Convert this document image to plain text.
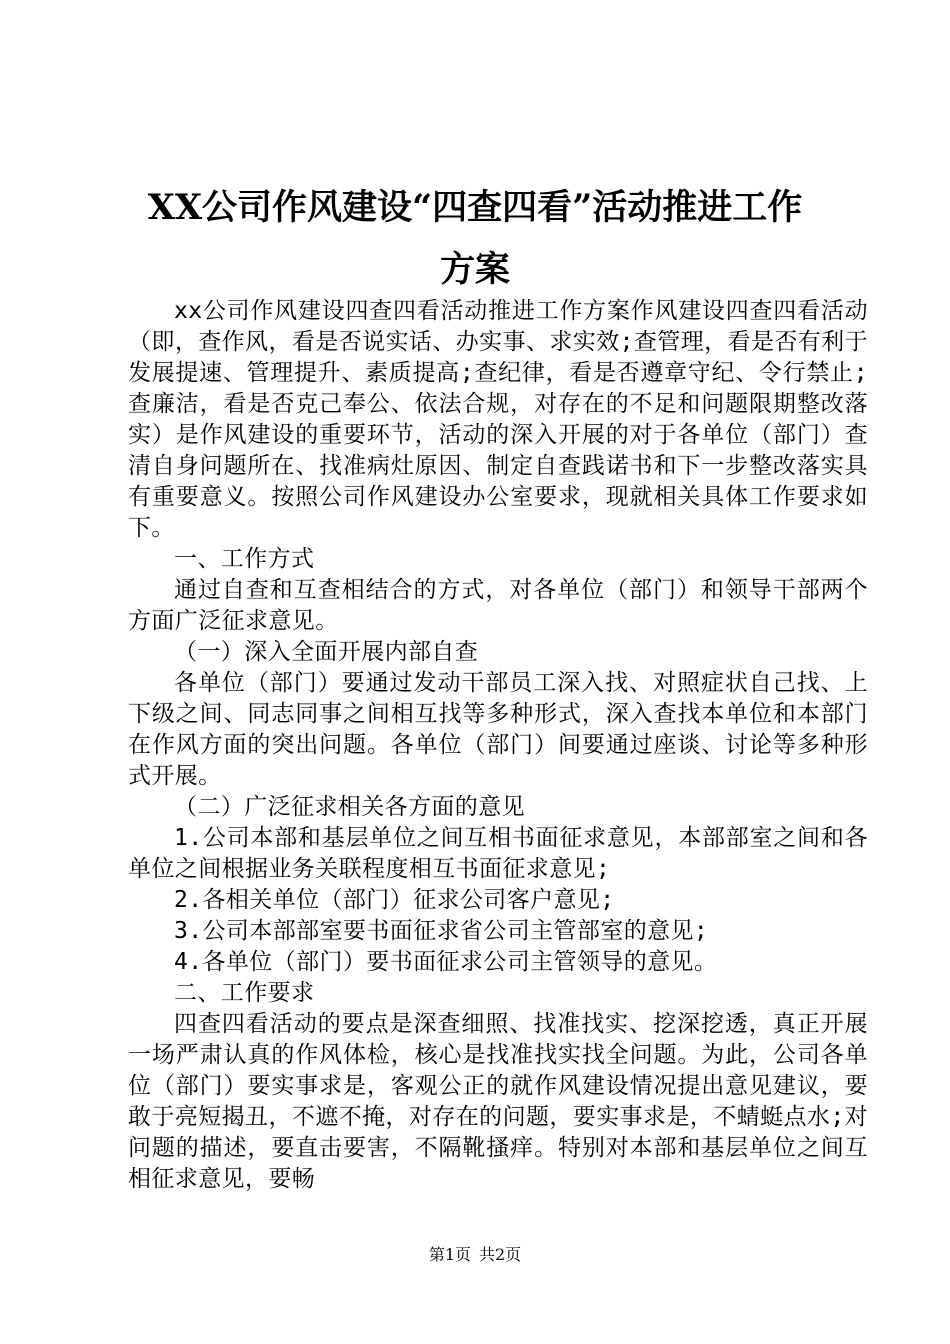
XX公司作风建设“四查四看”活动推进工作
方案

xx公司作风建设四查四看活动推进工作方案作风建设四查四看活动（即，查作风，看是否说实话、办实事、求实效;查管理，看是否有利于发展提速、管理提升、素质提高;查纪律，看是否遵章守纪、令行禁止;查廉洁，看是否克己奉公、依法合规，对存在的不足和问题限期整改落实）是作风建设的重要环节，活动的深入开展的对于各单位（部门）查清自身问题所在、找准病灶原因、制定自查践诺书和下一步整改落实具有重要意义。按照公司作风建设办公室要求，现就相关具体工作要求如下。

一、工作方式

通过自查和互查相结合的方式，对各单位（部门）和领导干部两个方面广泛征求意见。

（一）深入全面开展内部自查

各单位（部门）要通过发动干部员工深入找、对照症状自己找、上下级之间、同志同事之间相互找等多种形式，深入查找本单位和本部门在作风方面的突出问题。各单位（部门）间要通过座谈、讨论等多种形式开展。

（二）广泛征求相关各方面的意见

1.公司本部和基层单位之间互相书面征求意见，本部部室之间和各单位之间根据业务关联程度相互书面征求意见;

2.各相关单位（部门）征求公司客户意见;

3.公司本部部室要书面征求省公司主管部室的意见;

4.各单位（部门）要书面征求公司主管领导的意见。

二、工作要求

四查四看活动的要点是深查细照、找准找实、挖深挖透，真正开展一场严肃认真的作风体检，核心是找准找实找全问题。为此，公司各单位（部门）要实事求是，客观公正的就作风建设情况提出意见建议，要敢于亮短揭丑，不遮不掩，对存在的问题，要实事求是，不蜻蜓点水;对问题的描述，要直击要害，不隔靴搔痒。特别对本部和基层单位之间互相征求意见，要畅

第1页 共2页
